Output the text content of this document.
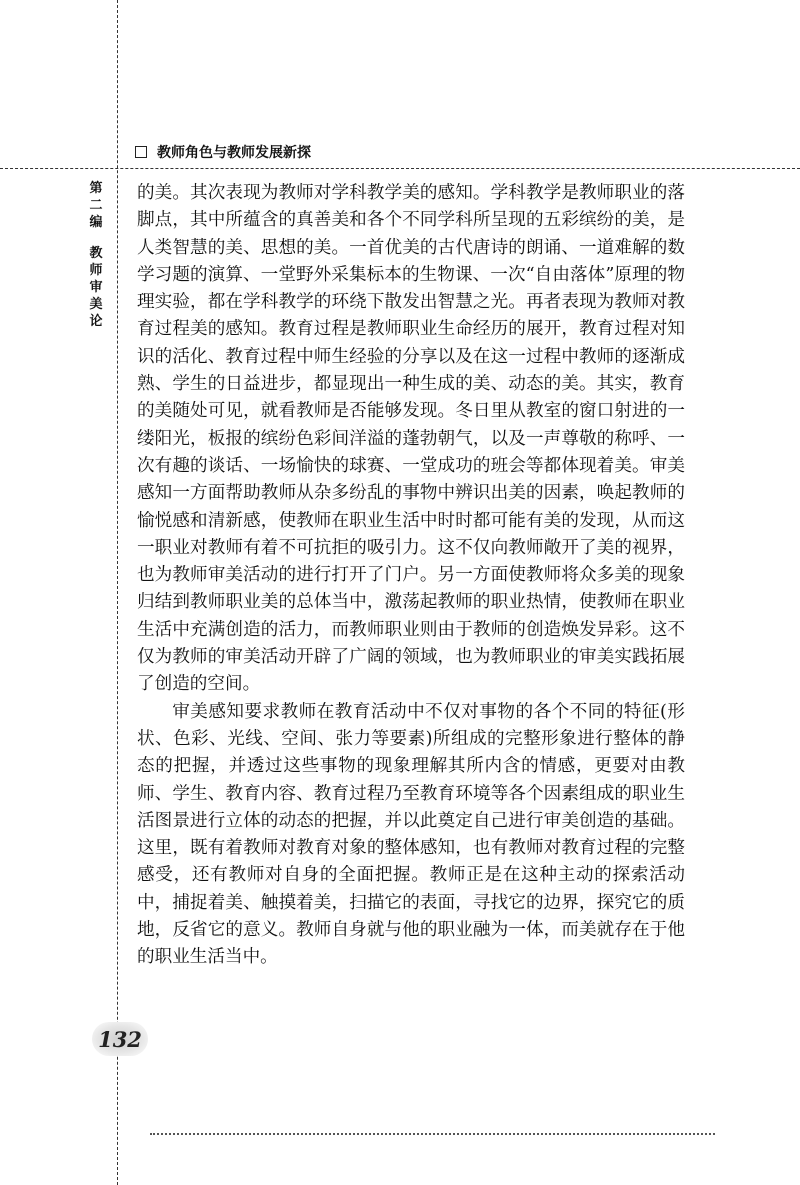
教师角色与教师发展新探
第
二
编
教
师
审
美
论

的美。其次表现为教师对学科教学美的感知。学科教学是教师职业的落脚点，其中所蕴含的真善美和各个不同学科所呈现的五彩缤纷的美，是人类智慧的美、思想的美。一首优美的古代唐诗的朗诵、一道难解的数学习题的演算、一堂野外采集标本的生物课、一次“自由落体”原理的物理实验，都在学科教学的环绕下散发出智慧之光。再者表现为教师对教育过程美的感知。教育过程是教师职业生命经历的展开，教育过程对知识的活化、教育过程中师生经验的分享以及在这一过程中教师的逐渐成熟、学生的日益进步，都显现出一种生成的美、动态的美。其实，教育的美随处可见，就看教师是否能够发现。冬日里从教室的窗口射进的一缕阳光，板报的缤纷色彩间洋溢的蓬勃朝气，以及一声尊敬的称呼、一次有趣的谈话、一场愉快的球赛、一堂成功的班会等都体现着美。审美感知一方面帮助教师从杂多纷乱的事物中辨识出美的因素，唤起教师的愉悦感和清新感，使教师在职业生活中时时都可能有美的发现，从而这一职业对教师有着不可抗拒的吸引力。这不仅向教师敞开了美的视界，也为教师审美活动的进行打开了门户。另一方面使教师将众多美的现象归结到教师职业美的总体当中，激荡起教师的职业热情，使教师在职业生活中充满创造的活力，而教师职业则由于教师的创造焕发异彩。这不仅为教师的审美活动开辟了广阔的领域，也为教师职业的审美实践拓展了创造的空间。

审美感知要求教师在教育活动中不仅对事物的各个不同的特征(形状、色彩、光线、空间、张力等要素)所组成的完整形象进行整体的静态的把握，并透过这些事物的现象理解其所内含的情感，更要对由教师、学生、教育内容、教育过程乃至教育环境等各个因素组成的职业生活图景进行立体的动态的把握，并以此奠定自己进行审美创造的基础。这里，既有着教师对教育对象的整体感知，也有教师对教育过程的完整感受，还有教师对自身的全面把握。教师正是在这种主动的探索活动中，捕捉着美、触摸着美，扫描它的表面，寻找它的边界，探究它的质地，反省它的意义。教师自身就与他的职业融为一体，而美就存在于他的职业生活当中。

132
